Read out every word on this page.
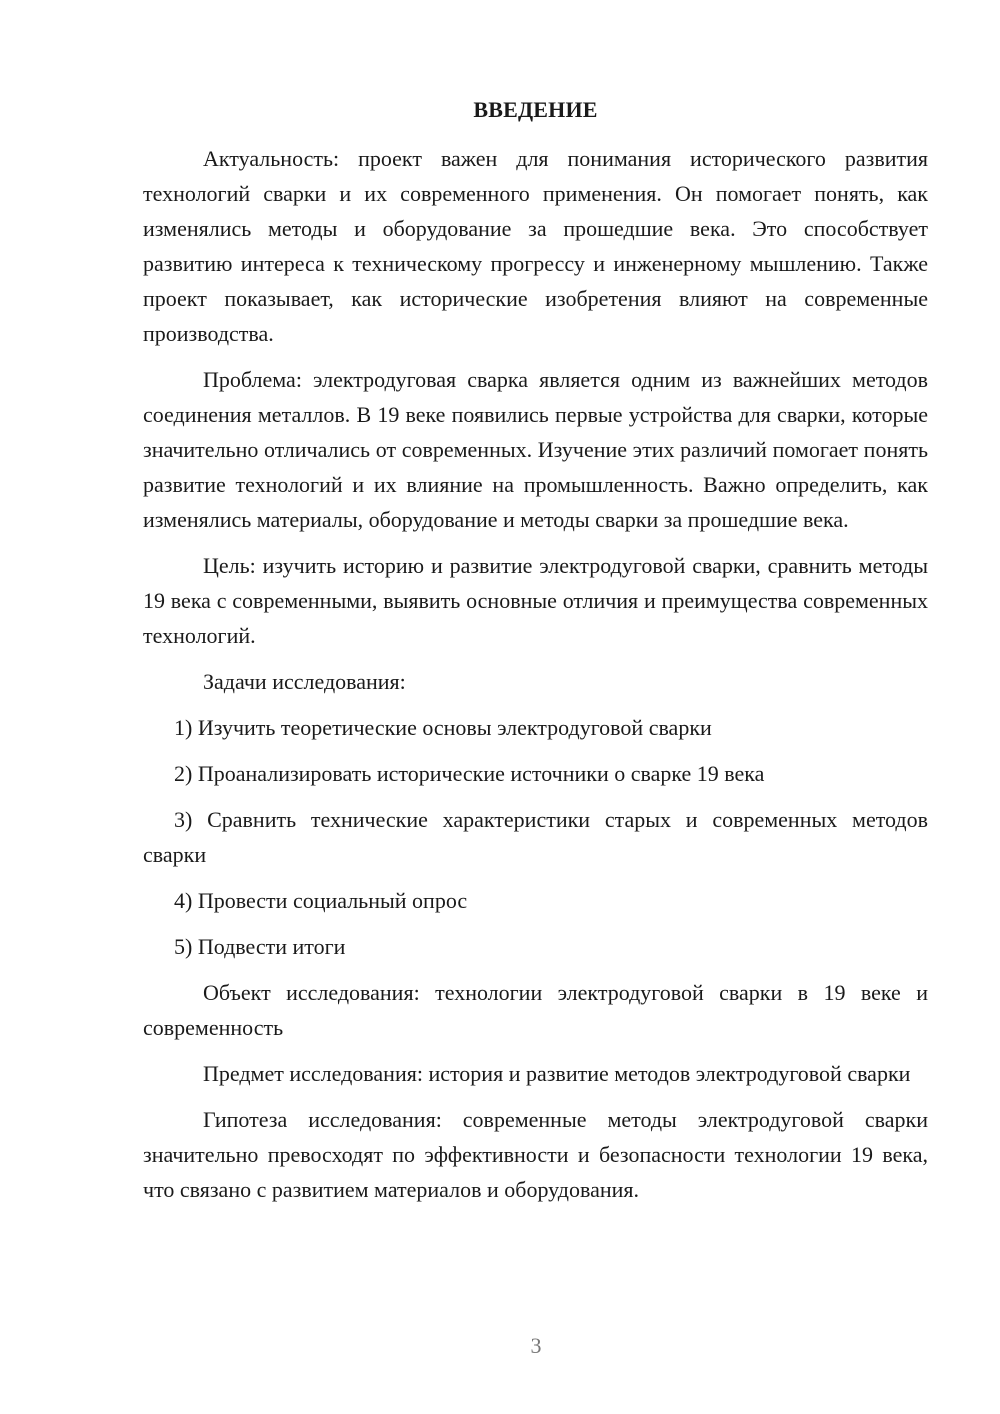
ВВЕДЕНИЕ

Актуальность: проект важен для понимания исторического развития технологий сварки и их современного применения. Он помогает понять, как изменялись методы и оборудование за прошедшие века. Это способствует развитию интереса к техническому прогрессу и инженерному мышлению. Также проект показывает, как исторические изобретения влияют на современные производства.

Проблема: электродуговая сварка является одним из важнейших методов соединения металлов. В 19 веке появились первые устройства для сварки, которые значительно отличались от современных. Изучение этих различий помогает понять развитие технологий и их влияние на промышленность. Важно определить, как изменялись материалы, оборудование и методы сварки за прошедшие века.

Цель: изучить историю и развитие электродуговой сварки, сравнить методы 19 века с современными, выявить основные отличия и преимущества современных технологий.

Задачи исследования:

1) Изучить теоретические основы электродуговой сварки

2) Проанализировать исторические источники о сварке 19 века

3) Сравнить технические характеристики старых и современных методов сварки

4) Провести социальный опрос

5) Подвести итоги

Объект исследования: технологии электродуговой сварки в 19 веке и современность

Предмет исследования: история и развитие методов электродуговой сварки

Гипотеза исследования: современные методы электродуговой сварки значительно превосходят по эффективности и безопасности технологии 19 века, что связано с развитием материалов и оборудования.

3
